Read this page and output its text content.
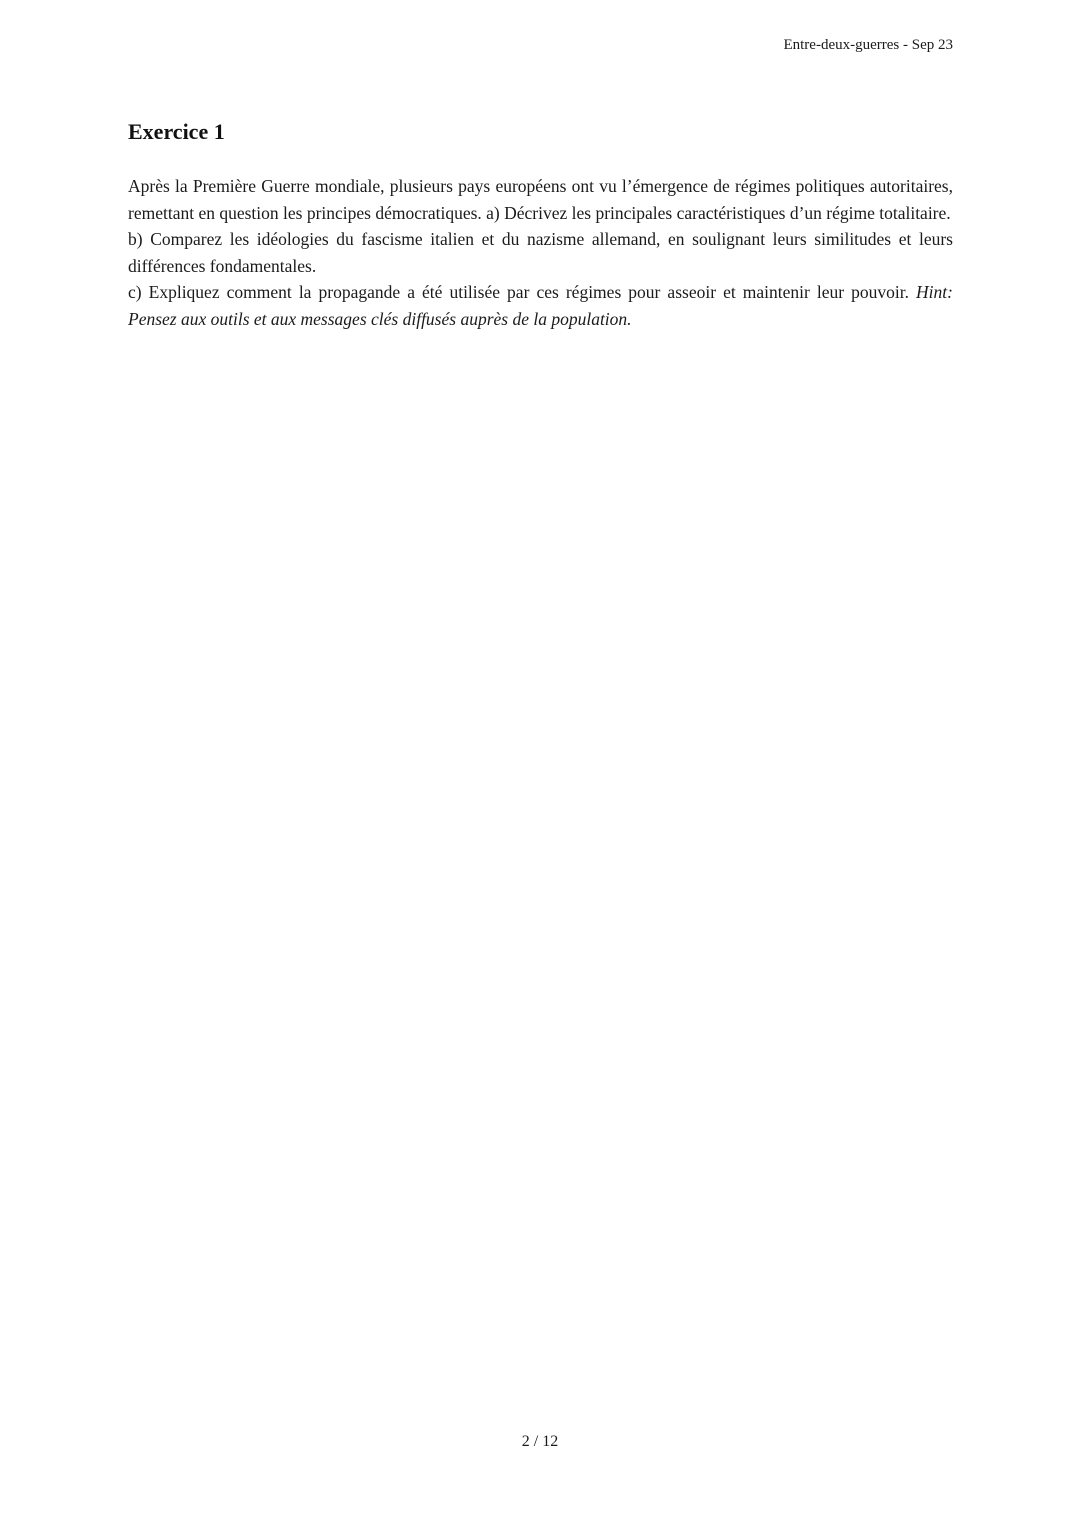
Entre-deux-guerres - Sep 23
Exercice 1

Après la Première Guerre mondiale, plusieurs pays européens ont vu l’émergence de régimes politiques autoritaires, remettant en question les principes démocratiques. a) Décrivez les principales caractéristiques d’un régime totalitaire.

b) Comparez les idéologies du fascisme italien et du nazisme allemand, en soulignant leurs similitudes et leurs différences fondamentales.

c) Expliquez comment la propagande a été utilisée par ces régimes pour asseoir et maintenir leur pouvoir. Hint: Pensez aux outils et aux messages clés diffusés auprès de la population.

2 / 12
